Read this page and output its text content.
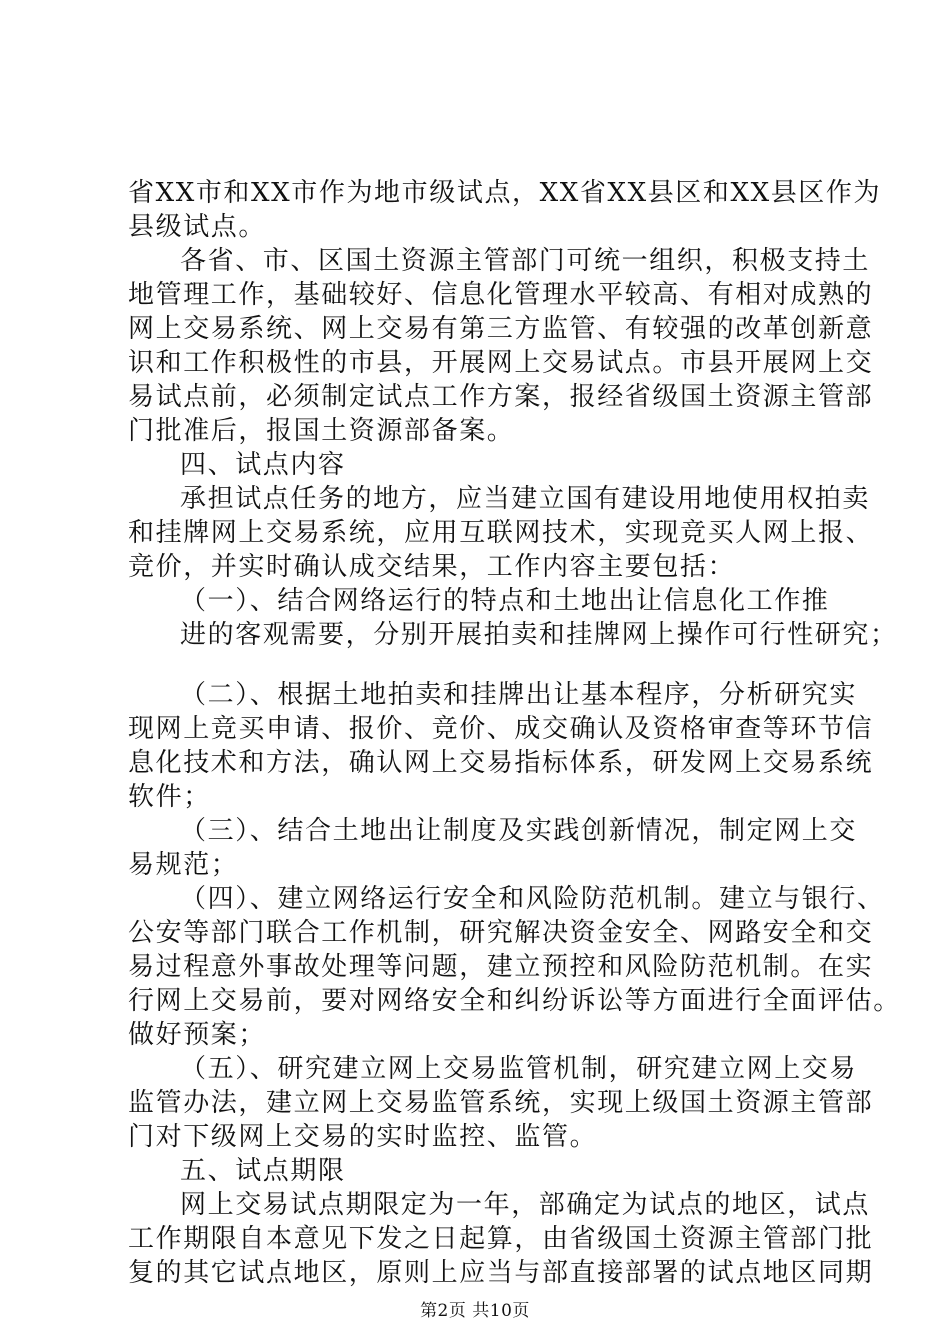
省XX市和XX市作为地市级试点，XX省XX县区和XX县区作为
县级试点。
各省、市、区国土资源主管部门可统一组织，积极支持土
地管理工作，基础较好、信息化管理水平较高、有相对成熟的
网上交易系统、网上交易有第三方监管、有较强的改革创新意
识和工作积极性的市县，开展网上交易试点。市县开展网上交
易试点前，必须制定试点工作方案，报经省级国土资源主管部
门批准后，报国土资源部备案。
四、试点内容
承担试点任务的地方，应当建立国有建设用地使用权拍卖
和挂牌网上交易系统，应用互联网技术，实现竞买人网上报、
竞价，并实时确认成交结果，工作内容主要包括：
（一）、结合网络运行的特点和土地出让信息化工作推
进的客观需要，分别开展拍卖和挂牌网上操作可行性研究；
（二）、根据土地拍卖和挂牌出让基本程序，分析研究实
现网上竞买申请、报价、竞价、成交确认及资格审查等环节信
息化技术和方法，确认网上交易指标体系，研发网上交易系统
软件；
（三）、结合土地出让制度及实践创新情况，制定网上交
易规范；
（四）、建立网络运行安全和风险防范机制。建立与银行、
公安等部门联合工作机制，研究解决资金安全、网路安全和交
易过程意外事故处理等问题，建立预控和风险防范机制。在实
行网上交易前，要对网络安全和纠纷诉讼等方面进行全面评估。
做好预案；
（五）、研究建立网上交易监管机制，研究建立网上交易
监管办法，建立网上交易监管系统，实现上级国土资源主管部
门对下级网上交易的实时监控、监管。
五、试点期限
网上交易试点期限定为一年，部确定为试点的地区，试点
工作期限自本意见下发之日起算，由省级国土资源主管部门批
复的其它试点地区，原则上应当与部直接部署的试点地区同期
第2页 共10页
